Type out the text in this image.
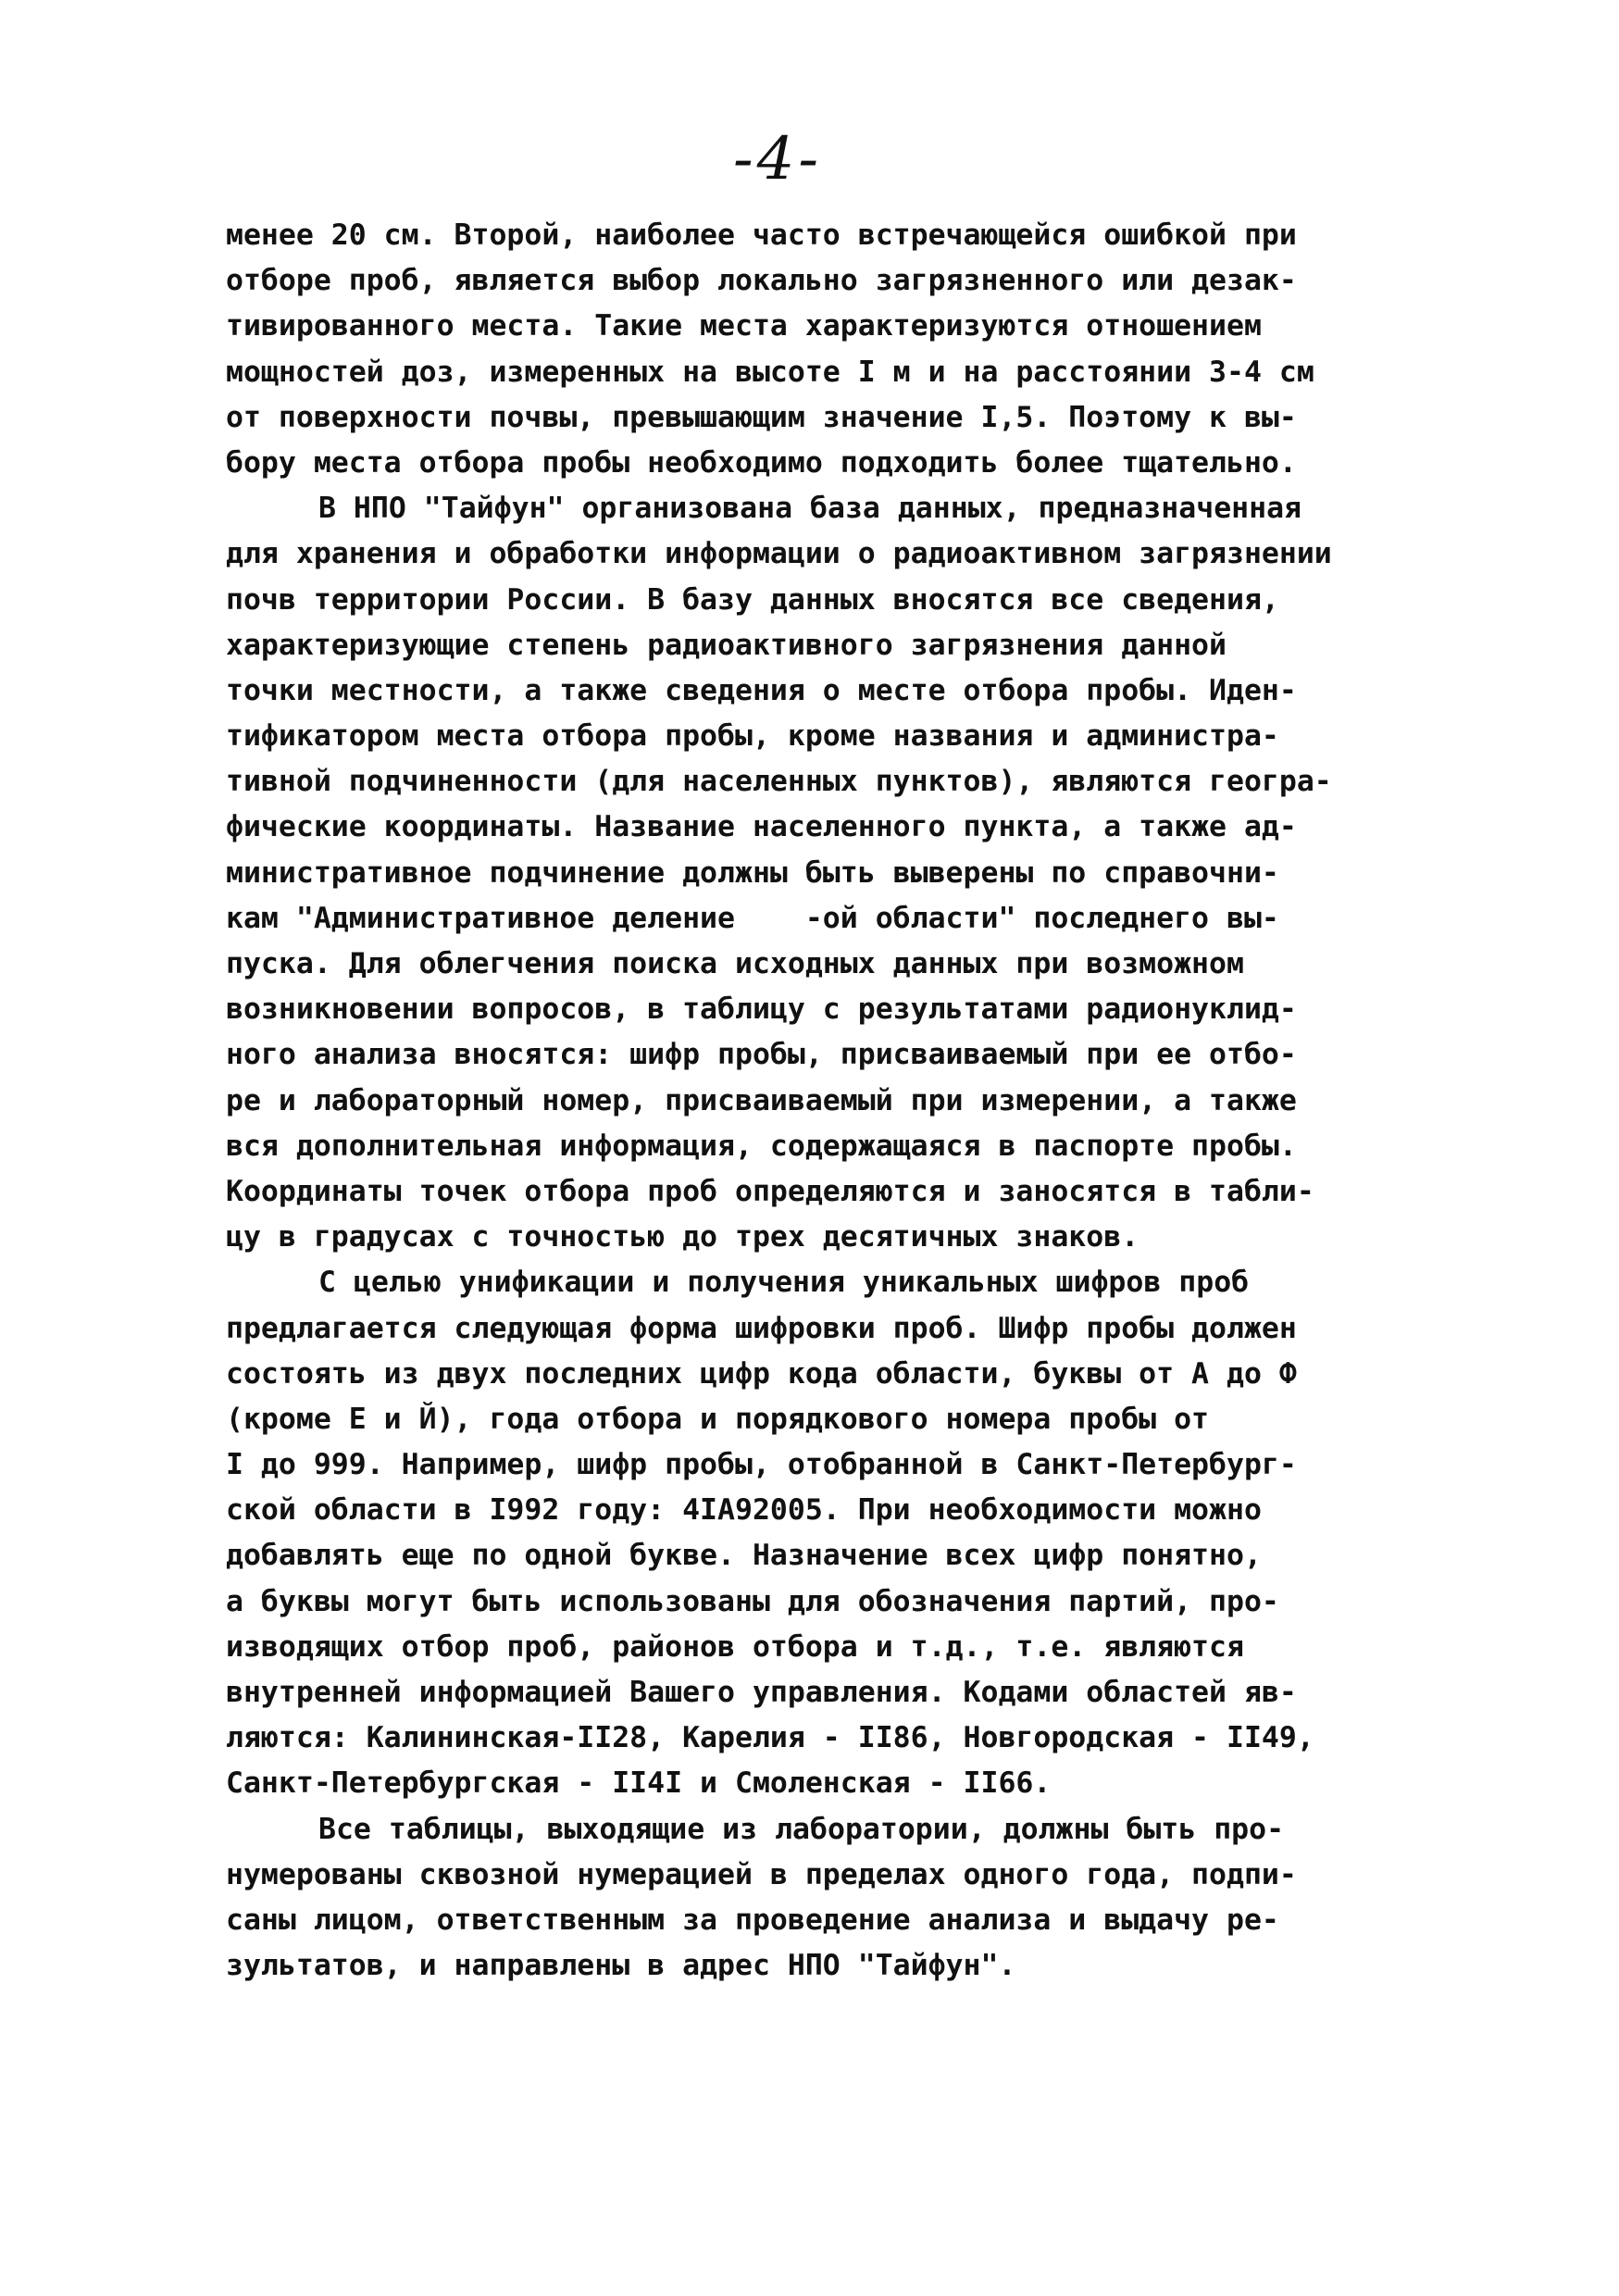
-4-
менее 20 см. Второй, наиболее часто встречающейся ошибкой при
отборе проб, является выбор локально загрязненного или дезак-
тивированного места. Такие места характеризуются отношением
мощностей доз, измеренных на высоте I м и на расстоянии 3-4 см
от поверхности почвы, превышающим значение I,5. Поэтому к вы-
бору места отбора пробы необходимо подходить более тщательно.
В НПО "Тайфун" организована база данных, предназначенная
для хранения и обработки информации о радиоактивном загрязнении
почв территории России. В базу данных вносятся все сведения,
характеризующие степень радиоактивного загрязнения данной
точки местности, а также сведения о месте отбора пробы. Иден-
тификатором места отбора пробы, кроме названия и администра-
тивной подчиненности (для населенных пунктов), являются геогра-
фические координаты. Название населенного пункта, а также ад-
министративное подчинение должны быть выверены по справочни-
кам "Административное деление    -ой области" последнего вы-
пуска. Для облегчения поиска исходных данных при возможном
возникновении вопросов, в таблицу с результатами радионуклид-
ного анализа вносятся: шифр пробы, присваиваемый при ее отбо-
ре и лабораторный номер, присваиваемый при измерении, а также
вся дополнительная информация, содержащаяся в паспорте пробы.
Координаты точек отбора проб определяются и заносятся в табли-
цу в градусах с точностью до трех десятичных знаков.
С целью унификации и получения уникальных шифров проб
предлагается следующая форма шифровки проб. Шифр пробы должен
состоять из двух последних цифр кода области, буквы от А до Ф
(кроме Е и Й), года отбора и порядкового номера пробы от
I до 999. Например, шифр пробы, отобранной в Санкт-Петербург-
ской области в I992 году: 4IA92005. При необходимости можно
добавлять еще по одной букве. Назначение всех цифр понятно,
а буквы могут быть использованы для обозначения партий, про-
изводящих отбор проб, районов отбора и т.д., т.е. являются
внутренней информацией Вашего управления. Кодами областей яв-
ляются: Калининская-II28, Карелия - II86, Новгородская - II49,
Санкт-Петербургская - II4I и Смоленская - II66.
Все таблицы, выходящие из лаборатории, должны быть про-
нумерованы сквозной нумерацией в пределах одного года, подпи-
саны лицом, ответственным за проведение анализа и выдачу ре-
зультатов, и направлены в адрес НПО "Тайфун".
